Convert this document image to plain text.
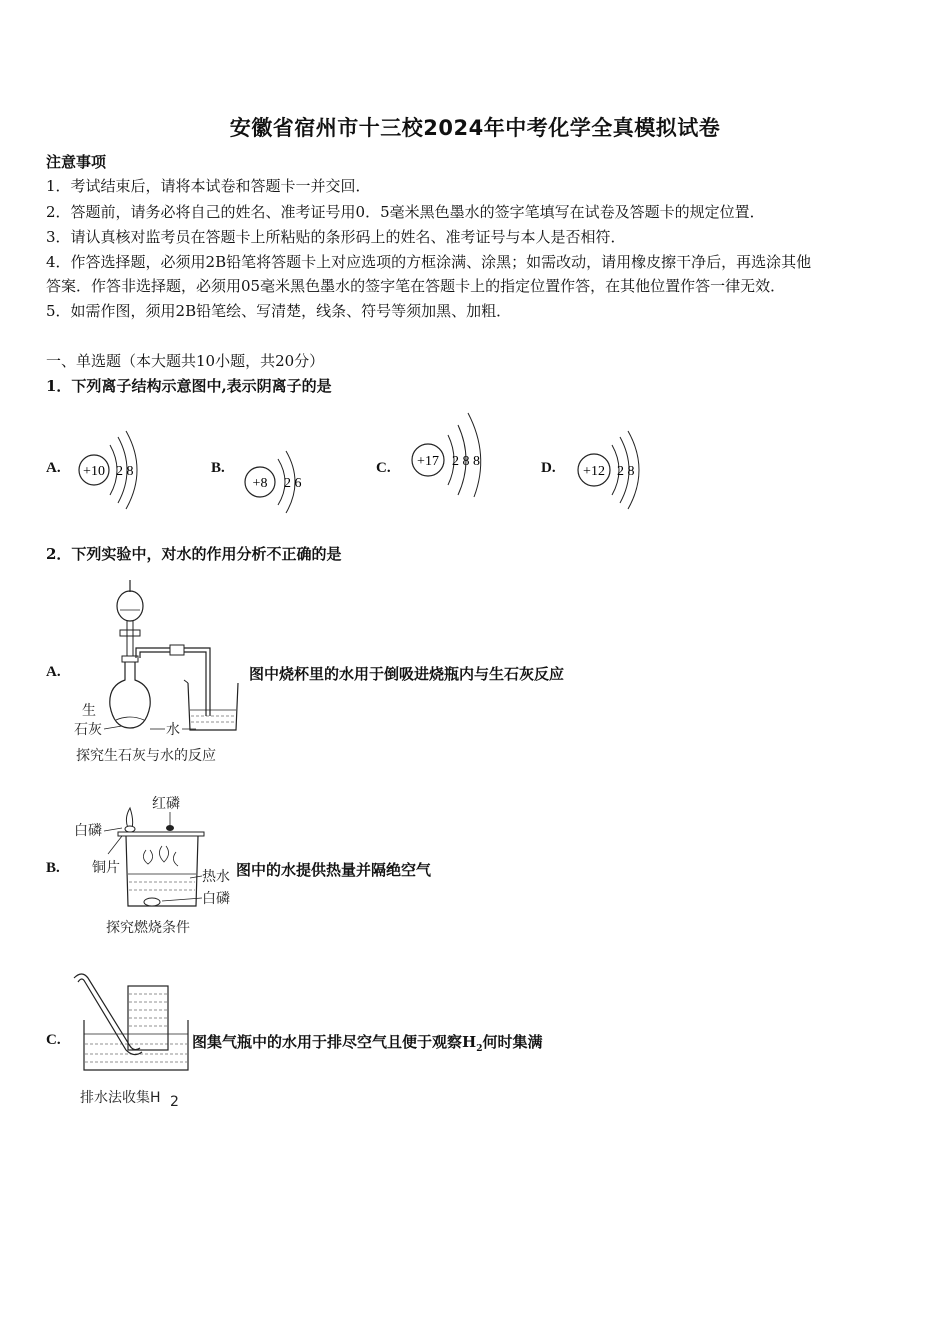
安徽省宿州市十三校2024年中考化学全真模拟试卷
注意事项
1．考试结束后，请将本试卷和答题卡一并交回．
2．答题前，请务必将自己的姓名、准考证号用0．5毫米黑色墨水的签字笔填写在试卷及答题卡的规定位置．
3．请认真核对监考员在答题卡上所粘贴的条形码上的姓名、准考证号与本人是否相符．
4．作答选择题，必须用2B铅笔将答题卡上对应选项的方框涂满、涂黑；如需改动，请用橡皮擦干净后，再选涂其他
答案．作答非选择题，必须用05毫米黑色墨水的签字笔在答题卡上的指定位置作答，在其他位置作答一律无效．
5．如需作图，须用2B铅笔绘、写清楚，线条、符号等须加黑、加粗．
一、单选题（本大题共10小题，共20分）
1．下列离子结构示意图中,表示阴离子的是
A. +10 2 8	B.
+8 2 6
C. +17 2 8 8	D. +12 2 8
2．下列实验中，对水的作用分析不正确的是
A.
生
石灰	水
探究生石灰与水的反应
图中烧杯里的水用于倒吸进烧瓶内与生石灰反应
B.
红磷
白磷
铜片
热水
白磷
探究燃烧条件
图中的水提供热量并隔绝空气
C.
排水法收集H 2
图集气瓶中的水用于排尽空气且便于观察$H_2$何时集满
